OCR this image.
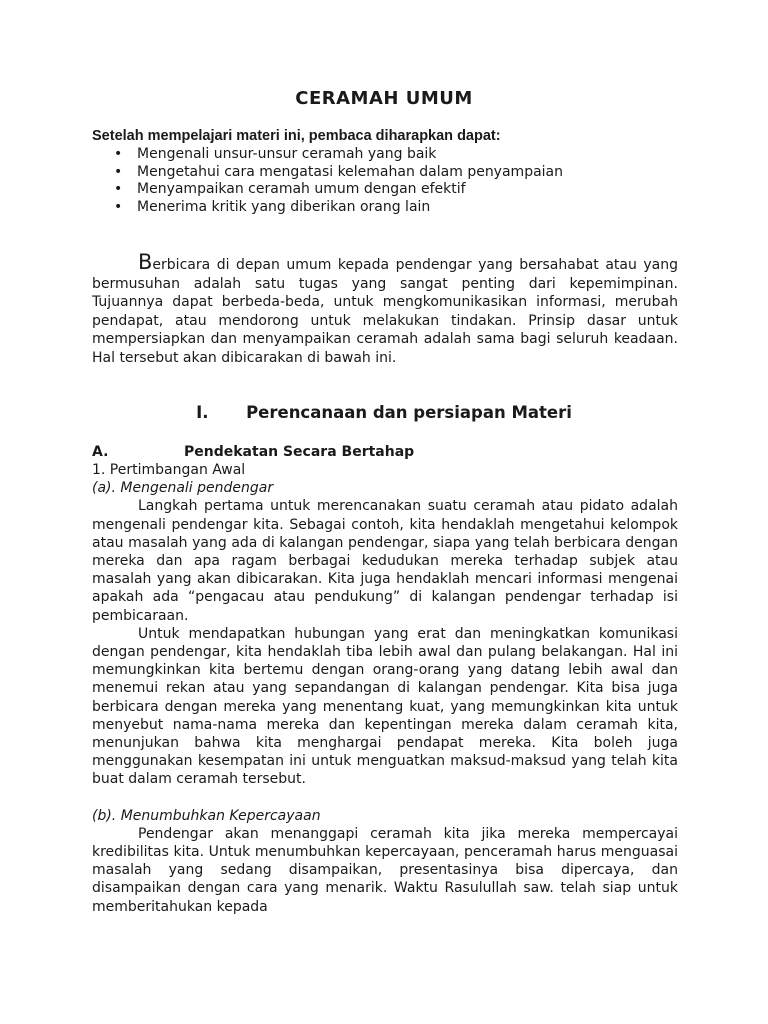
CERAMAH UMUM
Setelah mempelajari materi ini, pembaca diharapkan dapat:
• Mengenali unsur-unsur ceramah yang baik
• Mengetahui cara mengatasi kelemahan dalam penyampaian
• Menyampaikan ceramah umum dengan efektif
• Menerima kritik yang diberikan orang lain

Berbicara di depan umum kepada pendengar yang bersahabat atau yang bermusuhan adalah satu tugas yang sangat penting dari kepemimpinan. Tujuannya dapat berbeda-beda, untuk mengkomunikasikan informasi, merubah pendapat, atau mendorong untuk melakukan tindakan. Prinsip dasar untuk mempersiapkan dan menyampaikan ceramah adalah sama bagi seluruh keadaan. Hal tersebut akan dibicarakan di bawah ini.

I. Perencanaan dan persiapan Materi
A.	Pendekatan Secara Bertahap

1. Pertimbangan Awal

(a). Mengenali pendengar

Langkah pertama untuk merencanakan suatu ceramah atau pidato adalah mengenali pendengar kita. Sebagai contoh, kita hendaklah mengetahui kelompok atau masalah yang ada di kalangan pendengar, siapa yang telah berbicara dengan mereka dan apa ragam berbagai kedudukan mereka terhadap subjek atau masalah yang akan dibicarakan. Kita juga hendaklah mencari informasi mengenai apakah ada “pengacau atau pendukung” di kalangan pendengar terhadap isi pembicaraan.

Untuk mendapatkan hubungan yang erat dan meningkatkan komunikasi dengan pendengar, kita hendaklah tiba lebih awal dan pulang belakangan. Hal ini memungkinkan kita bertemu dengan orang-orang yang datang lebih awal dan menemui rekan atau yang sepandangan di kalangan pendengar. Kita bisa juga berbicara dengan mereka yang menentang kuat, yang memungkinkan kita untuk menyebut nama-nama mereka dan kepentingan mereka dalam ceramah kita, menunjukan bahwa kita menghargai pendapat mereka. Kita boleh juga menggunakan kesempatan ini untuk menguatkan maksud-maksud yang telah kita buat dalam ceramah tersebut.

(b). Menumbuhkan Kepercayaan

Pendengar akan menanggapi ceramah kita jika mereka mempercayai kredibilitas kita. Untuk menumbuhkan kepercayaan, penceramah harus menguasai masalah yang sedang disampaikan, presentasinya bisa dipercaya, dan disampaikan dengan cara yang menarik. Waktu Rasulullah saw. telah siap untuk memberitahukan kepada
